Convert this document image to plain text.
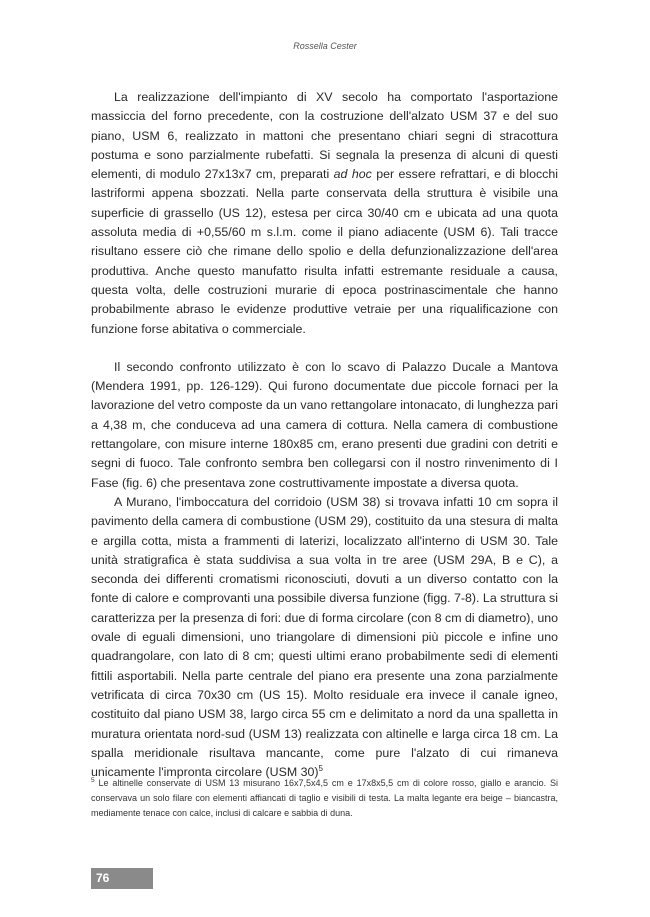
Rossella Cester

La realizzazione dell'impianto di XV secolo ha comportato l'asportazione massiccia del forno precedente, con la costruzione dell'alzato USM 37 e del suo piano, USM 6, realizzato in mattoni che presentano chiari segni di stracottura postuma e sono parzialmente rubefatti. Si segnala la presenza di alcuni di questi elementi, di modulo 27x13x7 cm, preparati ad hoc per essere refrattari, e di blocchi lastriformi appena sbozzati. Nella parte conservata della struttura è visibile una superficie di grassello (US 12), estesa per circa 30/40 cm e ubicata ad una quota assoluta media di +0,55/60 m s.l.m. come il piano adiacente (USM 6). Tali tracce risultano essere ciò che rimane dello spolio e della defunzionalizzazione dell'area produttiva. Anche questo manufatto risulta infatti estremante residuale a causa, questa volta, delle costruzioni murarie di epoca postrinascimentale che hanno probabilmente abraso le evidenze produttive vetraie per una riqualificazione con funzione forse abitativa o commerciale.

Il secondo confronto utilizzato è con lo scavo di Palazzo Ducale a Mantova (Mendera 1991, pp. 126-129). Qui furono documentate due piccole fornaci per la lavorazione del vetro composte da un vano rettangolare intonacato, di lunghezza pari a 4,38 m, che conduceva ad una camera di cottura. Nella camera di combustione rettangolare, con misure interne 180x85 cm, erano presenti due gradini con detriti e segni di fuoco. Tale confronto sembra ben collegarsi con il nostro rinvenimento di I Fase (fig. 6) che presentava zone costruttivamente impostate a diversa quota.

A Murano, l'imboccatura del corridoio (USM 38) si trovava infatti 10 cm sopra il pavimento della camera di combustione (USM 29), costituito da una stesura di malta e argilla cotta, mista a frammenti di laterizi, localizzato all'interno di USM 30. Tale unità stratigrafica è stata suddivisa a sua volta in tre aree (USM 29A, B e C), a seconda dei differenti cromatismi riconosciuti, dovuti a un diverso contatto con la fonte di calore e comprovanti una possibile diversa funzione (figg. 7-8). La struttura si caratterizza per la presenza di fori: due di forma circolare (con 8 cm di diametro), uno ovale di eguali dimensioni, uno triangolare di dimensioni più piccole e infine uno quadrangolare, con lato di 8 cm; questi ultimi erano probabilmente sedi di elementi fittili asportabili. Nella parte centrale del piano era presente una zona parzialmente vetrificata di circa 70x30 cm (US 15). Molto residuale era invece il canale igneo, costituito dal piano USM 38, largo circa 55 cm e delimitato a nord da una spalletta in muratura orientata nord-sud (USM 13) realizzata con altinelle e larga circa 18 cm. La spalla meridionale risultava mancante, come pure l'alzato di cui rimaneva unicamente l'impronta circolare (USM 30)$^5$

$^5$ Le altinelle conservate di USM 13 misurano 16x7,5x4,5 cm e 17x8x5,5 cm di colore rosso, giallo e arancio. Si conservava un solo filare con elementi affiancati di taglio e visibili di testa. La malta legante era beige – biancastra, mediamente tenace con calce, inclusi di calcare e sabbia di duna.
76
